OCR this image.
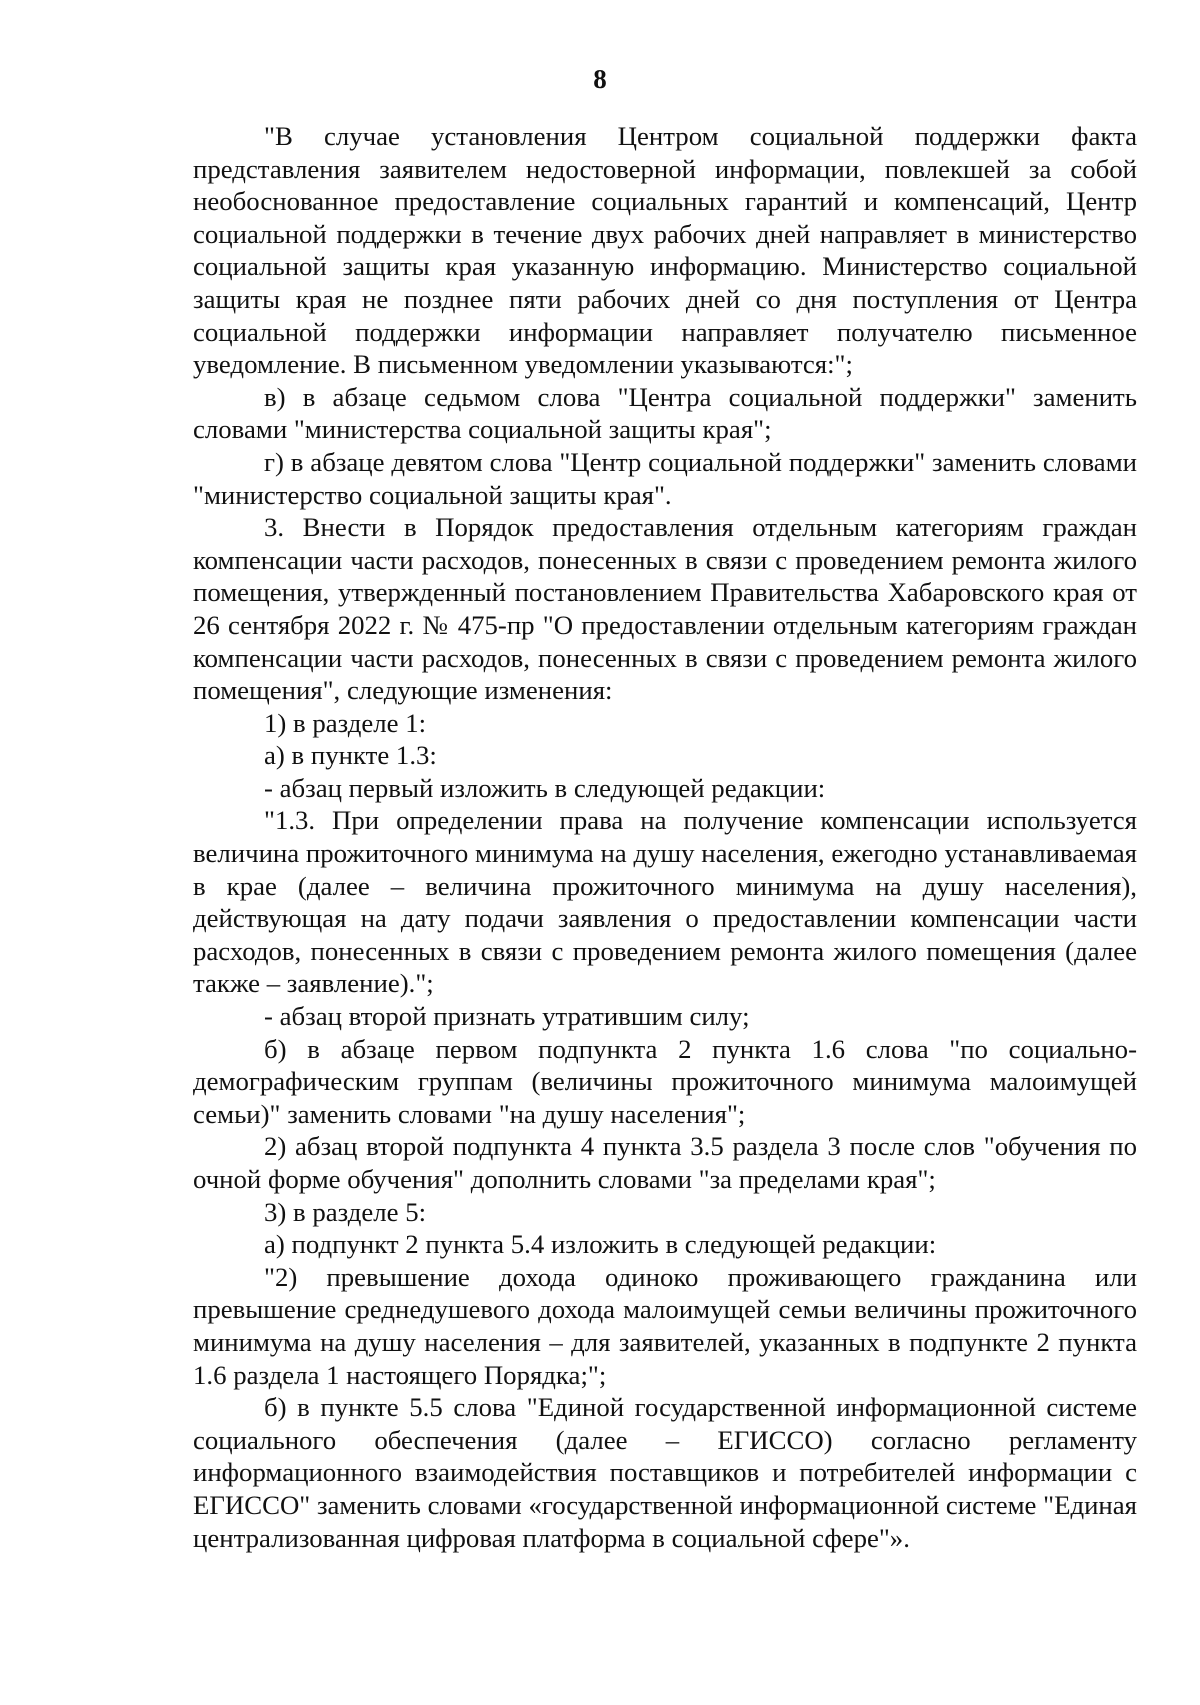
8

"В случае установления Центром социальной поддержки факта представления заявителем недостоверной информации, повлекшей за собой необоснованное предоставление социальных гарантий и компенсаций, Центр социальной поддержки в течение двух рабочих дней направляет в министерство социальной защиты края указанную информацию. Министерство социальной защиты края не позднее пяти рабочих дней со дня поступления от Центра социальной поддержки информации направляет получателю письменное уведомление. В письменном уведомлении указываются:";

в) в абзаце седьмом слова "Центра социальной поддержки" заменить словами "министерства социальной защиты края";

г) в абзаце девятом слова "Центр социальной поддержки" заменить словами "министерство социальной защиты края".

3. Внести в Порядок предоставления отдельным категориям граждан компенсации части расходов, понесенных в связи с проведением ремонта жилого помещения, утвержденный постановлением Правительства Хабаровского края от 26 сентября 2022 г. № 475-пр "О предоставлении отдельным категориям граждан компенсации части расходов, понесенных в связи с проведением ремонта жилого помещения", следующие изменения:

1) в разделе 1:

а) в пункте 1.3:

- абзац первый изложить в следующей редакции:

"1.3. При определении права на получение компенсации используется величина прожиточного минимума на душу населения, ежегодно устанавливаемая в крае (далее – величина прожиточного минимума на душу населения), действующая на дату подачи заявления о предоставлении компенсации части расходов, понесенных в связи с проведением ремонта жилого помещения (далее также – заявление).";

- абзац второй признать утратившим силу;

б) в абзаце первом подпункта 2 пункта 1.6 слова "по социально-демографическим группам (величины прожиточного минимума малоимущей семьи)" заменить словами "на душу населения";

2) абзац второй подпункта 4 пункта 3.5 раздела 3 после слов "обучения по очной форме обучения" дополнить словами "за пределами края";

3) в разделе 5:

а) подпункт 2 пункта 5.4 изложить в следующей редакции:

"2) превышение дохода одиноко проживающего гражданина или превышение среднедушевого дохода малоимущей семьи величины прожиточного минимума на душу населения – для заявителей, указанных в подпункте 2 пункта 1.6 раздела 1 настоящего Порядка;";

б) в пункте 5.5 слова "Единой государственной информационной системе социального обеспечения (далее – ЕГИССО) согласно регламенту информационного взаимодействия поставщиков и потребителей информации с ЕГИССО" заменить словами «государственной информационной системе "Единая централизованная цифровая платформа в социальной сфере"».
